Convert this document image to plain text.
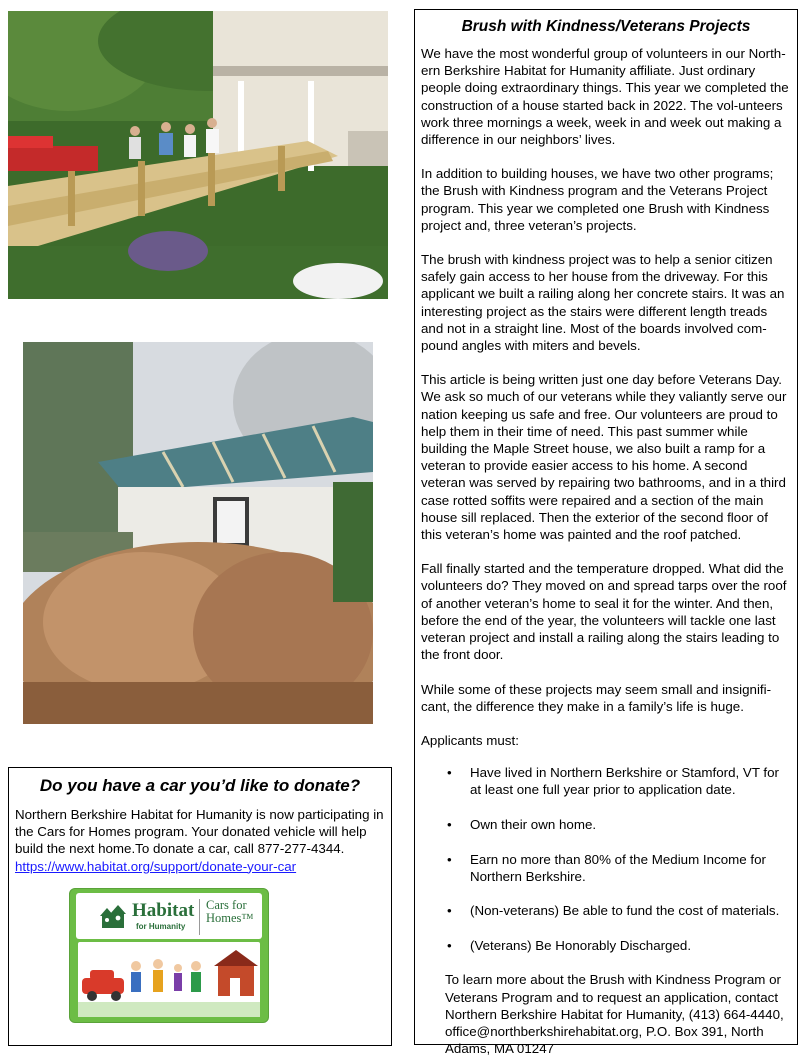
Brush with Kindness/Veterans Projects

We have the most wonderful group of volunteers in our North-ern Berkshire Habitat for Humanity affiliate. Just ordinary people doing extraordinary things. This year we completed the construction of a house started back in 2022. The vol-unteers work three mornings a week, week in and week out making a difference in our neighbors’ lives.

In addition to building houses, we have two other programs; the Brush with Kindness program and the Veterans Project program. This year we completed one Brush with Kindness project and, three veteran’s projects.

The brush with kindness project was to help a senior citizen safely gain access to her house from the driveway. For this applicant we built a railing along her concrete stairs. It was an interesting project as the stairs were different length treads and not in a straight line. Most of the boards involved com-pound angles with miters and bevels.

This article is being written just one day before Veterans Day. We ask so much of our veterans while they valiantly serve our nation keeping us safe and free. Our volunteers are proud to help them in their time of need. This past summer while building the Maple Street house, we also built a ramp for a veteran to provide easier access to his home. A second veteran was served by repairing two bathrooms, and in a third case rotted soffits were repaired and a section of the main house sill replaced. Then the exterior of the second floor of this veteran’s home was painted and the roof patched.

Fall finally started and the temperature dropped. What did the volunteers do? They moved on and spread tarps over the roof of another veteran’s home to seal it for the winter. And then, before the end of the year, the volunteers will tackle one last veteran project and install a railing along the stairs leading to the front door.

While some of these projects may seem small and insignifi-cant, the difference they make in a family’s life is huge.

Applicants must:

• Have lived in Northern Berkshire or Stamford, VT for at least one full year prior to application date.
• Own their own home.
• Earn no more than 80% of the Medium Income for Northern Berkshire.
• (Non-veterans) Be able to fund the cost of materials.
• (Veterans) Be Honorably Discharged.

To learn more about the Brush with Kindness Program or Veterans Program and to request an application, contact Northern Berkshire Habitat for Humanity, (413) 664-4440, office@northberkshirehabitat.org, P.O. Box 391, North Adams, MA 01247

Do you have a car you’d like to donate?

Northern Berkshire Habitat for Humanity is now participating in the Cars for Homes program. Your donated vehicle will help build the next home.To donate a car, call 877-277-4344.
https://www.habitat.org/support/donate-your-car

Habitat
for Humanity
Cars for
Homes™
